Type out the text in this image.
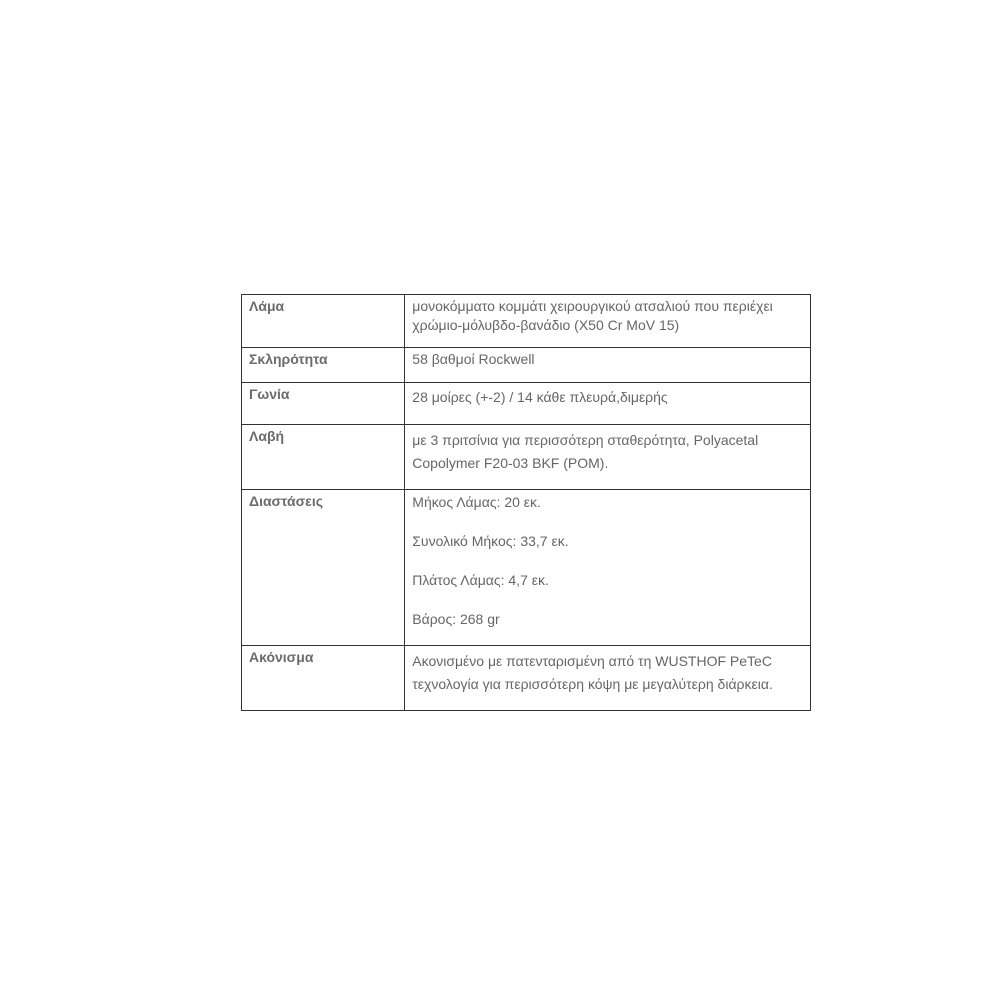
Λάμα	μονοκόμματο κομμάτι χειρουργικού ατσαλιού που περιέχει χρώμιο-μόλυβδο-βανάδιο (X50 Cr MoV 15)
Σκληρότητα	58 βαθμοί Rockwell
Γωνία	28 μοίρες (+-2) / 14 κάθε πλευρά,διμερής
Λαβή	με 3 πριτσίνια για περισσότερη σταθερότητα, Polyacetal Copolymer F20-03 BKF (POM).
Διαστάσεις	Μήκος Λάμας: 20 εκ.

Συνολικό Μήκος: 33,7 εκ.

Πλάτος Λάμας: 4,7 εκ.

Βάρος: 268 gr

Ακόνισμα	Ακονισμένο με πατενταρισμένη από τη WUSTHOF PeTeC τεχνολογία για περισσότερη κόψη με μεγαλύτερη διάρκεια.
